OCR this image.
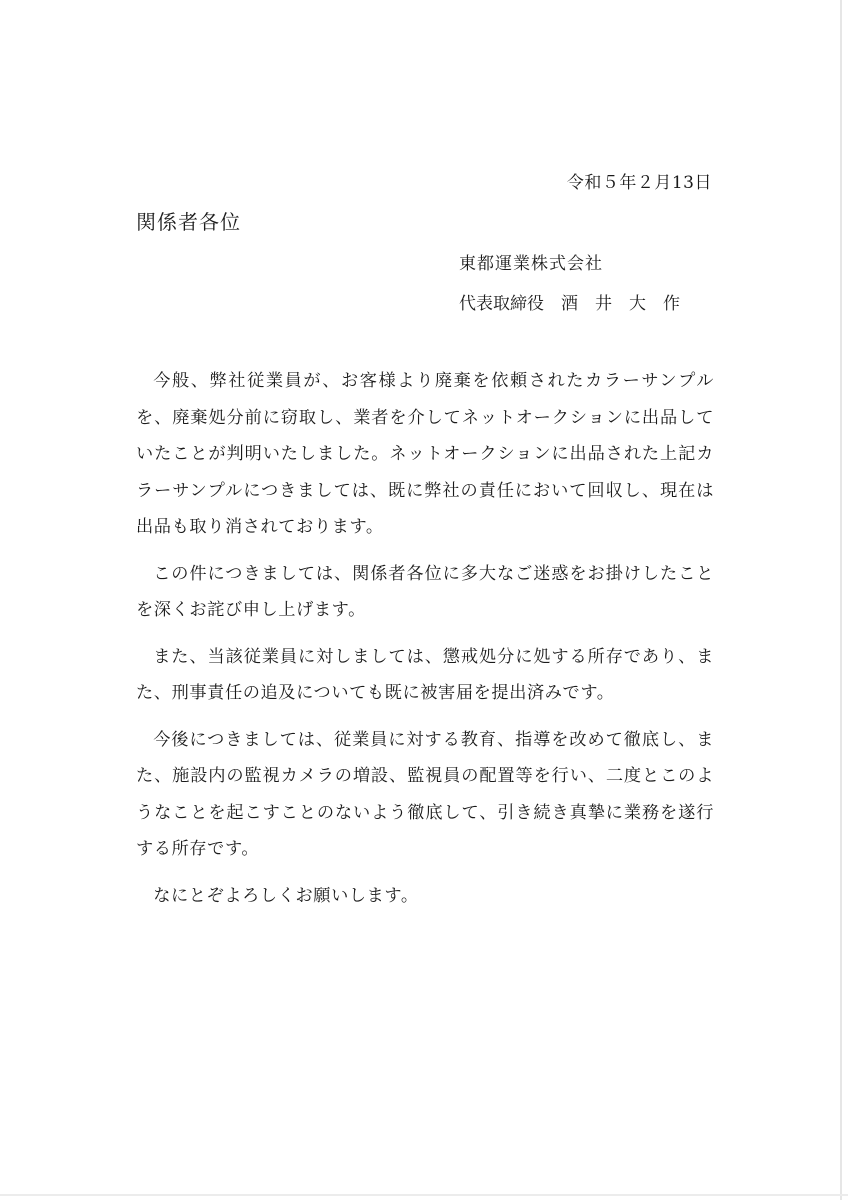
令和５年２月13日
関係者各位
東都運業株式会社
代表取締役　酒　井　大　作

今般、弊社従業員が、お客様より廃棄を依頼されたカラーサンプルを、廃棄処分前に窃取し、業者を介してネットオークションに出品していたことが判明いたしました。ネットオークションに出品された上記カラーサンプルにつきましては、既に弊社の責任において回収し、現在は出品も取り消されております。

この件につきましては、関係者各位に多大なご迷惑をお掛けしたことを深くお詫び申し上げます。

また、当該従業員に対しましては、懲戒処分に処する所存であり、また、刑事責任の追及についても既に被害届を提出済みです。

今後につきましては、従業員に対する教育、指導を改めて徹底し、また、施設内の監視カメラの増設、監視員の配置等を行い、二度とこのようなことを起こすことのないよう徹底して、引き続き真摯に業務を遂行する所存です。

なにとぞよろしくお願いします。
